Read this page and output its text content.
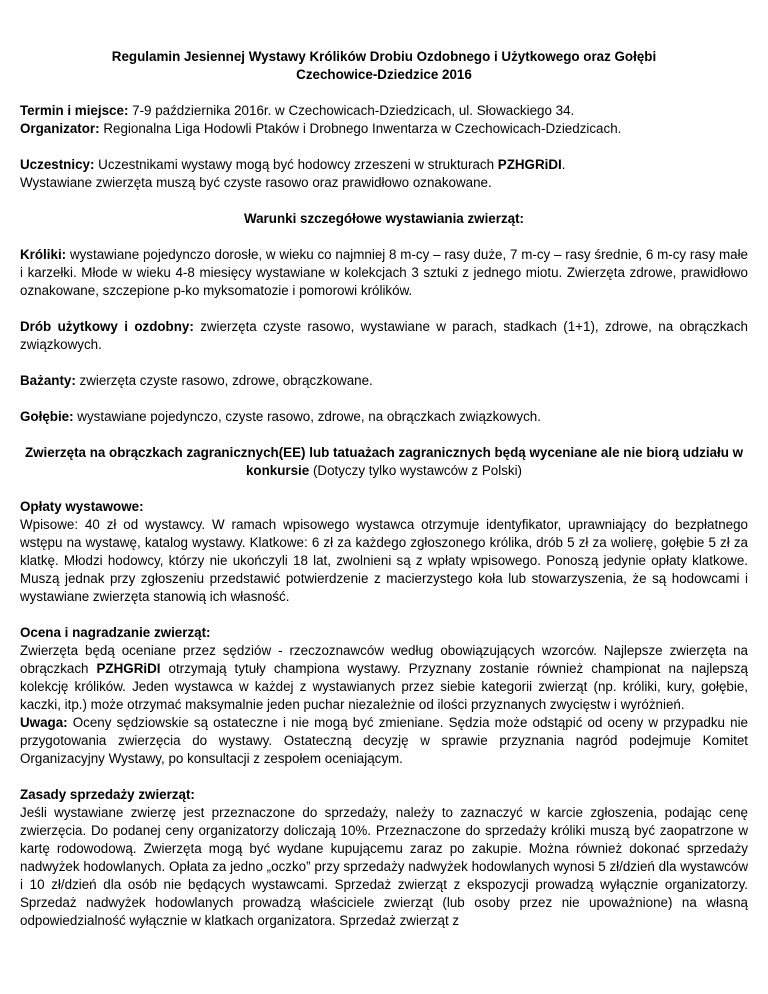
Regulamin Jesiennej Wystawy Królików Drobiu Ozdobnego i Użytkowego oraz Gołębi

Czechowice-Dziedzice 2016

Termin i miejsce: 7-9 października 2016r. w Czechowicach-Dziedzicach, ul. Słowackiego 34.

Organizator: Regionalna Liga Hodowli Ptaków i Drobnego Inwentarza w Czechowicach-Dziedzicach.

Uczestnicy: Uczestnikami wystawy mogą być hodowcy zrzeszeni w strukturach PZHGRiDI.

Wystawiane zwierzęta muszą być czyste rasowo oraz prawidłowo oznakowane.

Warunki szczegółowe wystawiania zwierząt:

Króliki: wystawiane pojedynczo dorosłe, w wieku co najmniej 8 m-cy – rasy duże, 7 m-cy – rasy średnie, 6 m-cy rasy małe i karzełki. Młode w wieku 4-8 miesięcy wystawiane w kolekcjach 3 sztuki z jednego miotu. Zwierzęta zdrowe, prawidłowo oznakowane, szczepione p-ko myksomatozie i pomorowi królików.

Drób użytkowy i ozdobny: zwierzęta czyste rasowo, wystawiane w parach, stadkach (1+1), zdrowe, na obrączkach związkowych.

Bażanty: zwierzęta czyste rasowo, zdrowe, obrączkowane.

Gołębie: wystawiane pojedynczo, czyste rasowo, zdrowe, na obrączkach związkowych.

Zwierzęta na obrączkach zagranicznych(EE) lub tatuażach zagranicznych będą wyceniane ale nie biorą udziału w konkursie (Dotyczy tylko wystawców z Polski)

Opłaty wystawowe:

Wpisowe: 40 zł od wystawcy. W ramach wpisowego wystawca otrzymuje identyfikator, uprawniający do bezpłatnego wstępu na wystawę, katalog wystawy. Klatkowe: 6 zł za każdego zgłoszonego królika, drób 5 zł za wolierę, gołębie 5 zł za klatkę. Młodzi hodowcy, którzy nie ukończyli 18 lat, zwolnieni są z wpłaty wpisowego. Ponoszą jedynie opłaty klatkowe. Muszą jednak przy zgłoszeniu przedstawić potwierdzenie z macierzystego koła lub stowarzyszenia, że są hodowcami i wystawiane zwierzęta stanowią ich własność.

Ocena i nagradzanie zwierząt:

Zwierzęta będą oceniane przez sędziów - rzeczoznawców według obowiązujących wzorców. Najlepsze zwierzęta na obrączkach PZHGRiDI otrzymają tytuły championa wystawy. Przyznany zostanie również championat na najlepszą kolekcję królików. Jeden wystawca w każdej z wystawianych przez siebie kategorii zwierząt (np. króliki, kury, gołębie, kaczki, itp.) może otrzymać maksymalnie jeden puchar niezależnie od ilości przyznanych zwycięstw i wyróżnień.

Uwaga: Oceny sędziowskie są ostateczne i nie mogą być zmieniane. Sędzia może odstąpić od oceny w przypadku nie przygotowania zwierzęcia do wystawy. Ostateczną decyzję w sprawie przyznania nagród podejmuje Komitet Organizacyjny Wystawy, po konsultacji z zespołem oceniającym.

Zasady sprzedaży zwierząt:

Jeśli wystawiane zwierzę jest przeznaczone do sprzedaży, należy to zaznaczyć w karcie zgłoszenia, podając cenę zwierzęcia. Do podanej ceny organizatorzy doliczają 10%. Przeznaczone do sprzedaży króliki muszą być zaopatrzone w kartę rodowodową. Zwierzęta mogą być wydane kupującemu zaraz po zakupie. Można również dokonać sprzedaży nadwyżek hodowlanych. Opłata za jedno „oczko” przy sprzedaży nadwyżek hodowlanych wynosi 5 zł/dzień dla wystawców i 10 zł/dzień dla osób nie będących wystawcami. Sprzedaż zwierząt z ekspozycji prowadzą wyłącznie organizatorzy. Sprzedaż nadwyżek hodowlanych prowadzą właściciele zwierząt (lub osoby przez nie upoważnione) na własną odpowiedzialność wyłącznie w klatkach organizatora. Sprzedaż zwierząt z
